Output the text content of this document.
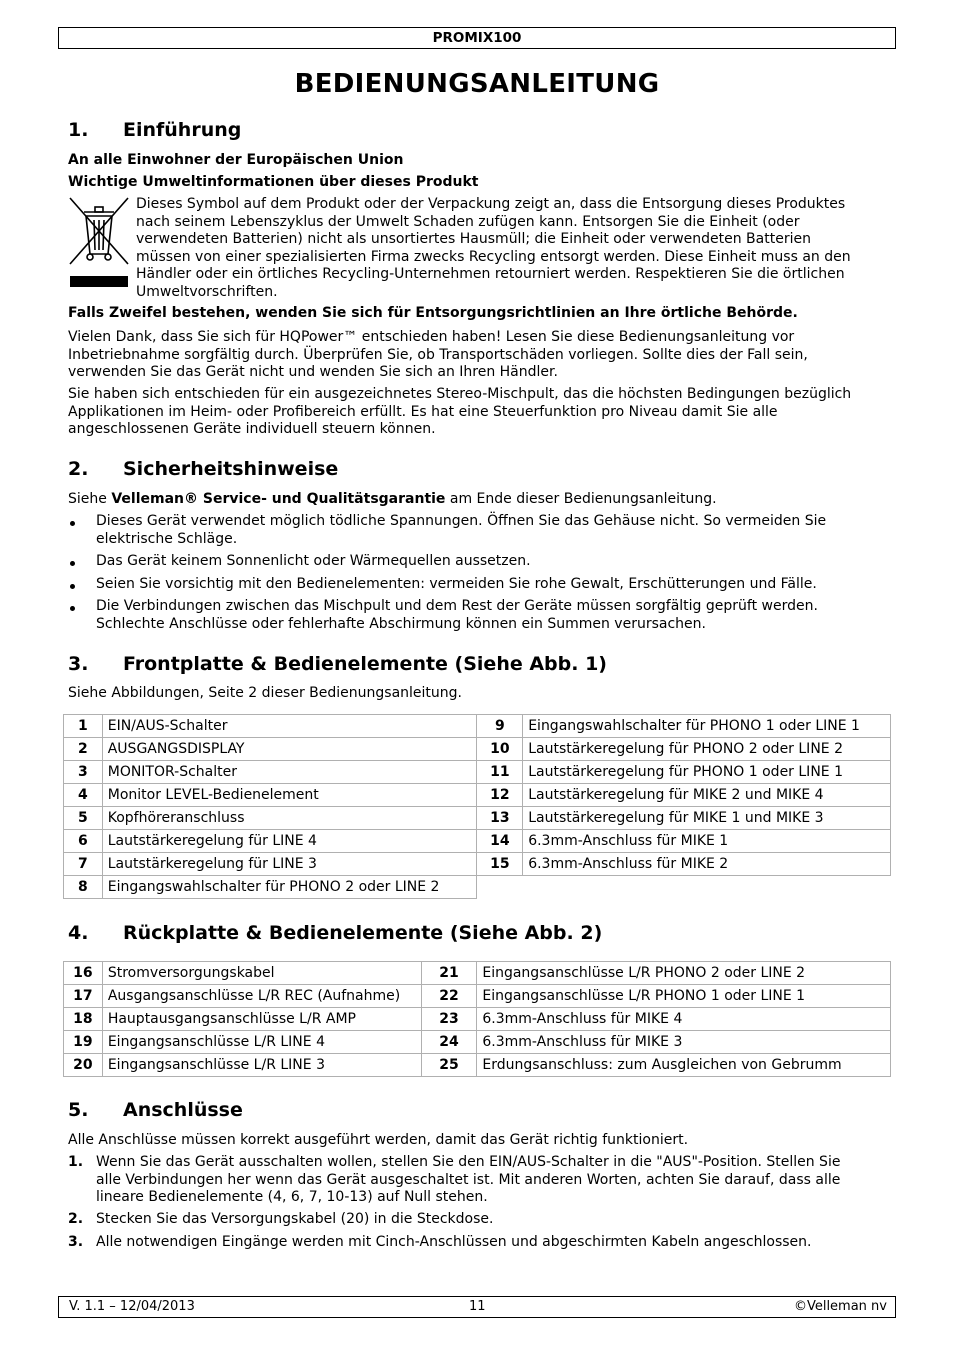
PROMIX100
BEDIENUNGSANLEITUNG
1. Einführung
An alle Einwohner der Europäischen Union
Wichtige Umweltinformationen über dieses Produkt
Dieses Symbol auf dem Produkt oder der Verpackung zeigt an, dass die Entsorgung dieses Produktes
nach seinem Lebenszyklus der Umwelt Schaden zufügen kann. Entsorgen Sie die Einheit (oder
verwendeten Batterien) nicht als unsortiertes Hausmüll; die Einheit oder verwendeten Batterien
müssen von einer spezialisierten Firma zwecks Recycling entsorgt werden. Diese Einheit muss an den
Händler oder ein örtliches Recycling-Unternehmen retourniert werden. Respektieren Sie die örtlichen
Umweltvorschriften.
Falls Zweifel bestehen, wenden Sie sich für Entsorgungsrichtlinien an Ihre örtliche Behörde.
Vielen Dank, dass Sie sich für HQPower™ entschieden haben! Lesen Sie diese Bedienungsanleitung vor
Inbetriebnahme sorgfältig durch. Überprüfen Sie, ob Transportschäden vorliegen. Sollte dies der Fall sein,
verwenden Sie das Gerät nicht und wenden Sie sich an Ihren Händler.
Sie haben sich entschieden für ein ausgezeichnetes Stereo-Mischpult, das die höchsten Bedingungen bezüglich
Applikationen im Heim- oder Profibereich erfüllt. Es hat eine Steuerfunktion pro Niveau damit Sie alle
angeschlossenen Geräte individuell steuern können.
2. Sicherheitshinweise
Siehe Velleman® Service- und Qualitätsgarantie am Ende dieser Bedienungsanleitung.
Dieses Gerät verwendet möglich tödliche Spannungen. Öffnen Sie das Gehäuse nicht. So vermeiden Sie
elektrische Schläge.
Das Gerät keinem Sonnenlicht oder Wärmequellen aussetzen.
Seien Sie vorsichtig mit den Bedienelementen: vermeiden Sie rohe Gewalt, Erschütterungen und Fälle.
Die Verbindungen zwischen das Mischpult und dem Rest der Geräte müssen sorgfältig geprüft werden.
Schlechte Anschlüsse oder fehlerhafte Abschirmung können ein Summen verursachen.
3. Frontplatte & Bedienelemente (Siehe Abb. 1)
Siehe Abbildungen, Seite 2 dieser Bedienungsanleitung.
1	EIN/AUS-Schalter	9	Eingangswahlschalter für PHONO 1 oder LINE 1
2	AUSGANGSDISPLAY	10	Lautstärkeregelung für PHONO 2 oder LINE 2
3	MONITOR-Schalter	11	Lautstärkeregelung für PHONO 1 oder LINE 1
4	Monitor LEVEL-Bedienelement	12	Lautstärkeregelung für MIKE 2 und MIKE 4
5	Kopfhöreranschluss	13	Lautstärkeregelung für MIKE 1 und MIKE 3
6	Lautstärkeregelung für LINE 4	14	6.3mm-Anschluss für MIKE 1
7	Lautstärkeregelung für LINE 3	15	6.3mm-Anschluss für MIKE 2
8	Eingangswahlschalter für PHONO 2 oder LINE 2		
4. Rückplatte & Bedienelemente (Siehe Abb. 2)
16	Stromversorgungskabel	21	Eingangsanschlüsse L/R PHONO 2 oder LINE 2
17	Ausgangsanschlüsse L/R REC (Aufnahme)	22	Eingangsanschlüsse L/R PHONO 1 oder LINE 1
18	Hauptausgangsanschlüsse L/R AMP	23	6.3mm-Anschluss für MIKE 4
19	Eingangsanschlüsse L/R LINE 4	24	6.3mm-Anschluss für MIKE 3
20	Eingangsanschlüsse L/R LINE 3	25	Erdungsanschluss: zum Ausgleichen von Gebrumm
5. Anschlüsse
Alle Anschlüsse müssen korrekt ausgeführt werden, damit das Gerät richtig funktioniert.
1. Wenn Sie das Gerät ausschalten wollen, stellen Sie den EIN/AUS-Schalter in die "AUS"-Position. Stellen Sie
alle Verbindungen her wenn das Gerät ausgeschaltet ist. Mit anderen Worten, achten Sie darauf, dass alle
lineare Bedienelemente (4, 6, 7, 10-13) auf Null stehen.
2. Stecken Sie das Versorgungskabel (20) in die Steckdose.
3. Alle notwendigen Eingänge werden mit Cinch-Anschlüssen und abgeschirmten Kabeln angeschlossen.
V. 1.1 – 12/04/2013	11	©Velleman nv
